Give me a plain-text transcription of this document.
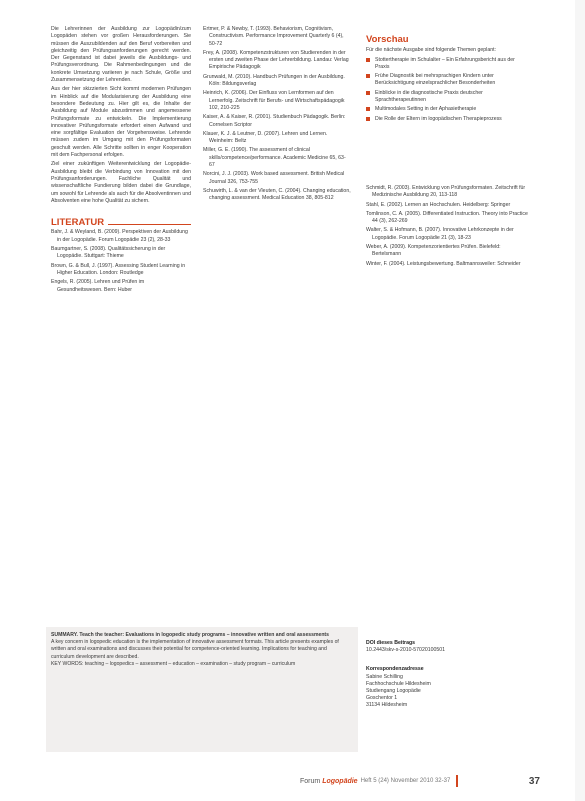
Die Lehrerinnen der Ausbildung zur Logopädin/zum Logopäden stehen vor großen Herausforderungen. Sie müssen die Auszubildenden auf den Beruf vorbereiten und gleichzeitig den Prüfungsanforderungen gerecht werden. Der Gegenstand ist dabei jeweils die Ausbildungs- und Prüfungsverordnung. Die Rahmenbedingungen und die konkrete Umsetzung variieren je nach Schule, Größe und Zusammensetzung der Lehrenden.

Aus der hier skizzierten Sicht kommt modernen Prüfungen im Hinblick auf die Modularisierung der Ausbildung eine besondere Bedeutung zu. Hier gilt es, die Inhalte der Ausbildung auf Module abzustimmen und angemessene Prüfungsformate zu entwickeln. Die Implementierung innovativer Prüfungsformate erfordert einen Aufwand und eine sorgfältige Evaluation der Vorgehensweise. Lehrende müssen zudem im Umgang mit den Prüfungsformaten geschult werden. Alle Schritte sollten in enger Kooperation mit dem Fachpersonal erfolgen.

Ziel einer zukünftigen Weiterentwicklung der Logopädie-Ausbildung bleibt die Verbindung von Innovation mit den Prüfungsanforderungen. Fachliche Qualität und wissenschaftliche Fundierung bilden dabei die Grundlage, um sowohl für Lehrende als auch für die Absolventinnen und Absolventen eine hohe Qualität zu sichern.

LITERATUR

Bahr, J. & Weyland, B. (2009). Perspektiven der Ausbildung in der Logopädie. Forum Logopädie 23 (2), 28-33

Baumgartner, S. (2008). Qualitätssicherung in der Logopädie. Stuttgart: Thieme

Brown, G. & Bull, J. (1997). Assessing Student Learning in Higher Education. London: Routledge

Engels, R. (2005). Lehren und Prüfen im Gesundheitswesen. Bern: Huber

Ertmer, P. & Newby, T. (1993). Behaviorism, Cognitivism, Constructivism. Performance Improvement Quarterly 6 (4), 50-72

Frey, A. (2008). Kompetenzstrukturen von Studierenden in der ersten und zweiten Phase der Lehrerbildung. Landau: Verlag Empirische Pädagogik

Grunwald, M. (2010). Handbuch Prüfungen in der Ausbildung. Köln: Bildungsverlag

Heinrich, K. (2006). Der Einfluss von Lernformen auf den Lernerfolg. Zeitschrift für Berufs- und Wirtschaftspädagogik 102, 210-225

Kaiser, A. & Kaiser, R. (2001). Studienbuch Pädagogik. Berlin: Cornelsen Scriptor

Klauer, K. J. & Leutner, D. (2007). Lehren und Lernen. Weinheim: Beltz

Miller, G. E. (1990). The assessment of clinical skills/competence/performance. Academic Medicine 65, 63-67

Norcini, J. J. (2003). Work based assessment. British Medical Journal 326, 753-755

Schuwirth, L. & van der Vleuten, C. (2004). Changing education, changing assessment. Medical Education 38, 805-812

Vorschau

Für die nächste Ausgabe sind folgende Themen geplant:

Stottertherapie im Schulalter – Ein Erfahrungsbericht aus der Praxis
Frühe Diagnostik bei mehrsprachigen Kindern unter Berücksichtigung einzelsprachlicher Besonderheiten
Einblicke in die diagnostische Praxis deutscher Sprachtherapeutinnen
Multimodales Setting in der Aphasietherapie
Die Rolle der Eltern im logopädischen Therapieprozess

Schmidt, R. (2003). Entwicklung von Prüfungsformaten. Zeitschrift für Medizinische Ausbildung 20, 113-118

Stahl, E. (2002). Lernen an Hochschulen. Heidelberg: Springer

Tomlinson, C. A. (2005). Differentiated Instruction. Theory into Practice 44 (3), 262-269

Walter, S. & Hofmann, B. (2007). Innovative Lehrkonzepte in der Logopädie. Forum Logopädie 21 (3), 18-23

Weber, A. (2009). Kompetenzorientiertes Prüfen. Bielefeld: Bertelsmann

Winter, F. (2004). Leistungsbewertung. Baltmannsweiler: Schneider

SUMMARY. Teach the teacher: Evaluations in logopedic study programs – innovative written and oral assessments
A key concern in logopedic education is the implementation of innovative assessment formats. This article presents examples of written and oral examinations and discusses their potential for competence-oriented learning. Implications for teaching and curriculum development are described.
KEY WORDS: teaching – logopedics – assessment – education – examination – study program – curriculum
DOI dieses Beitrags
10.2443/skv-s-2010-57020100501
Korrespondenzadresse
Sabine Schilling
Fachhochschule Hildesheim
Studiengang Logopädie
Goschentor 1
31134 Hildesheim
Forum Logopädie Heft 5 (24) November 2010 32-37	37
